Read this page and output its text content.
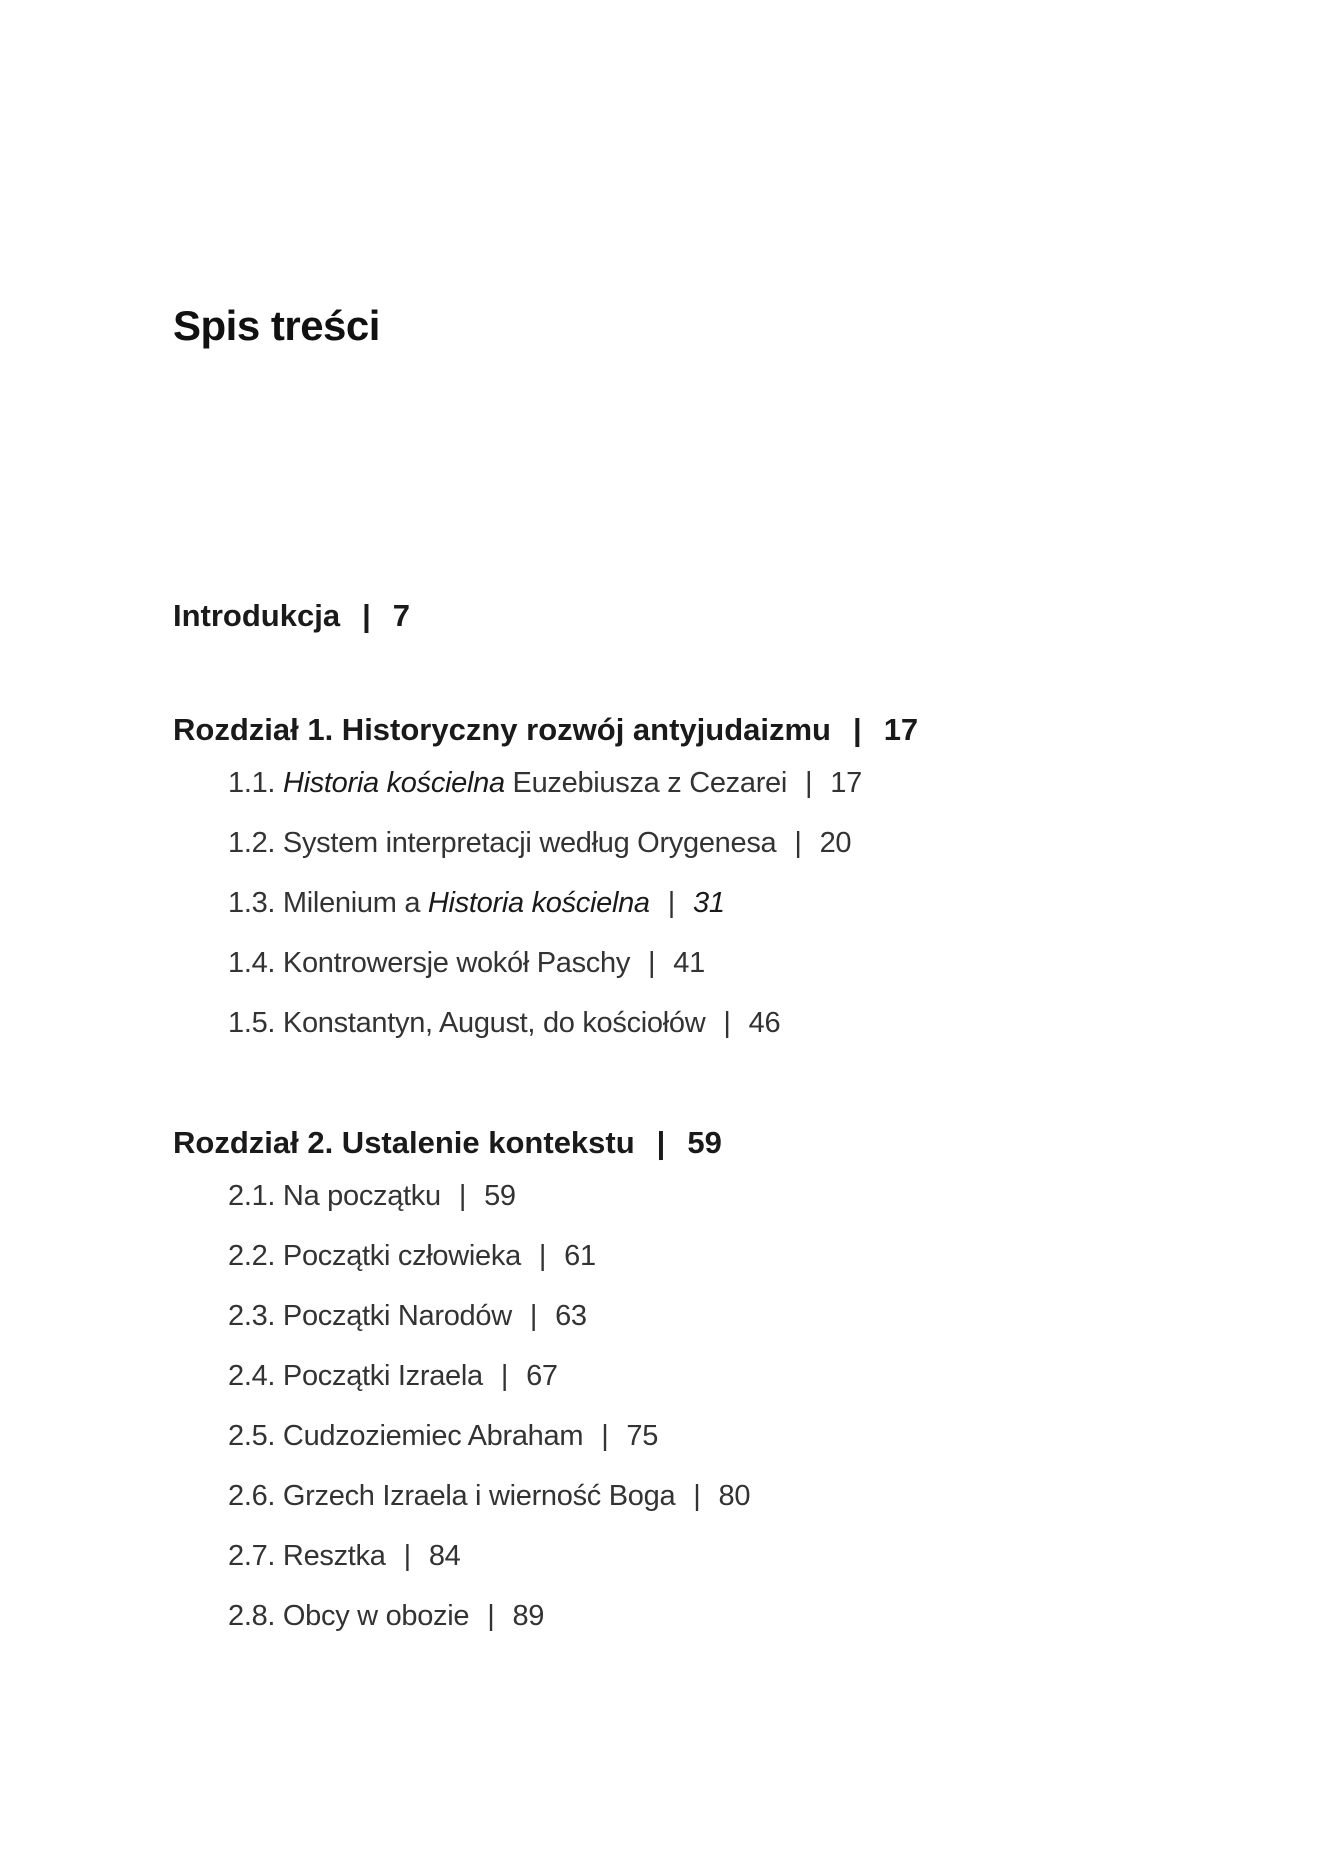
Spis treści
Introdukcja | 7
Rozdział 1. Historyczny rozwój antyjudaizmu | 17
1.1. Historia kościelna Euzebiusza z Cezarei | 17
1.2. System interpretacji według Orygenesa | 20
1.3. Milenium a Historia kościelna | 31
1.4. Kontrowersje wokół Paschy | 41
1.5. Konstantyn, August, do kościołów | 46
Rozdział 2. Ustalenie kontekstu | 59
2.1. Na początku | 59
2.2. Początki człowieka | 61
2.3. Początki Narodów | 63
2.4. Początki Izraela | 67
2.5. Cudzoziemiec Abraham | 75
2.6. Grzech Izraela i wierność Boga | 80
2.7. Resztka | 84
2.8. Obcy w obozie | 89
